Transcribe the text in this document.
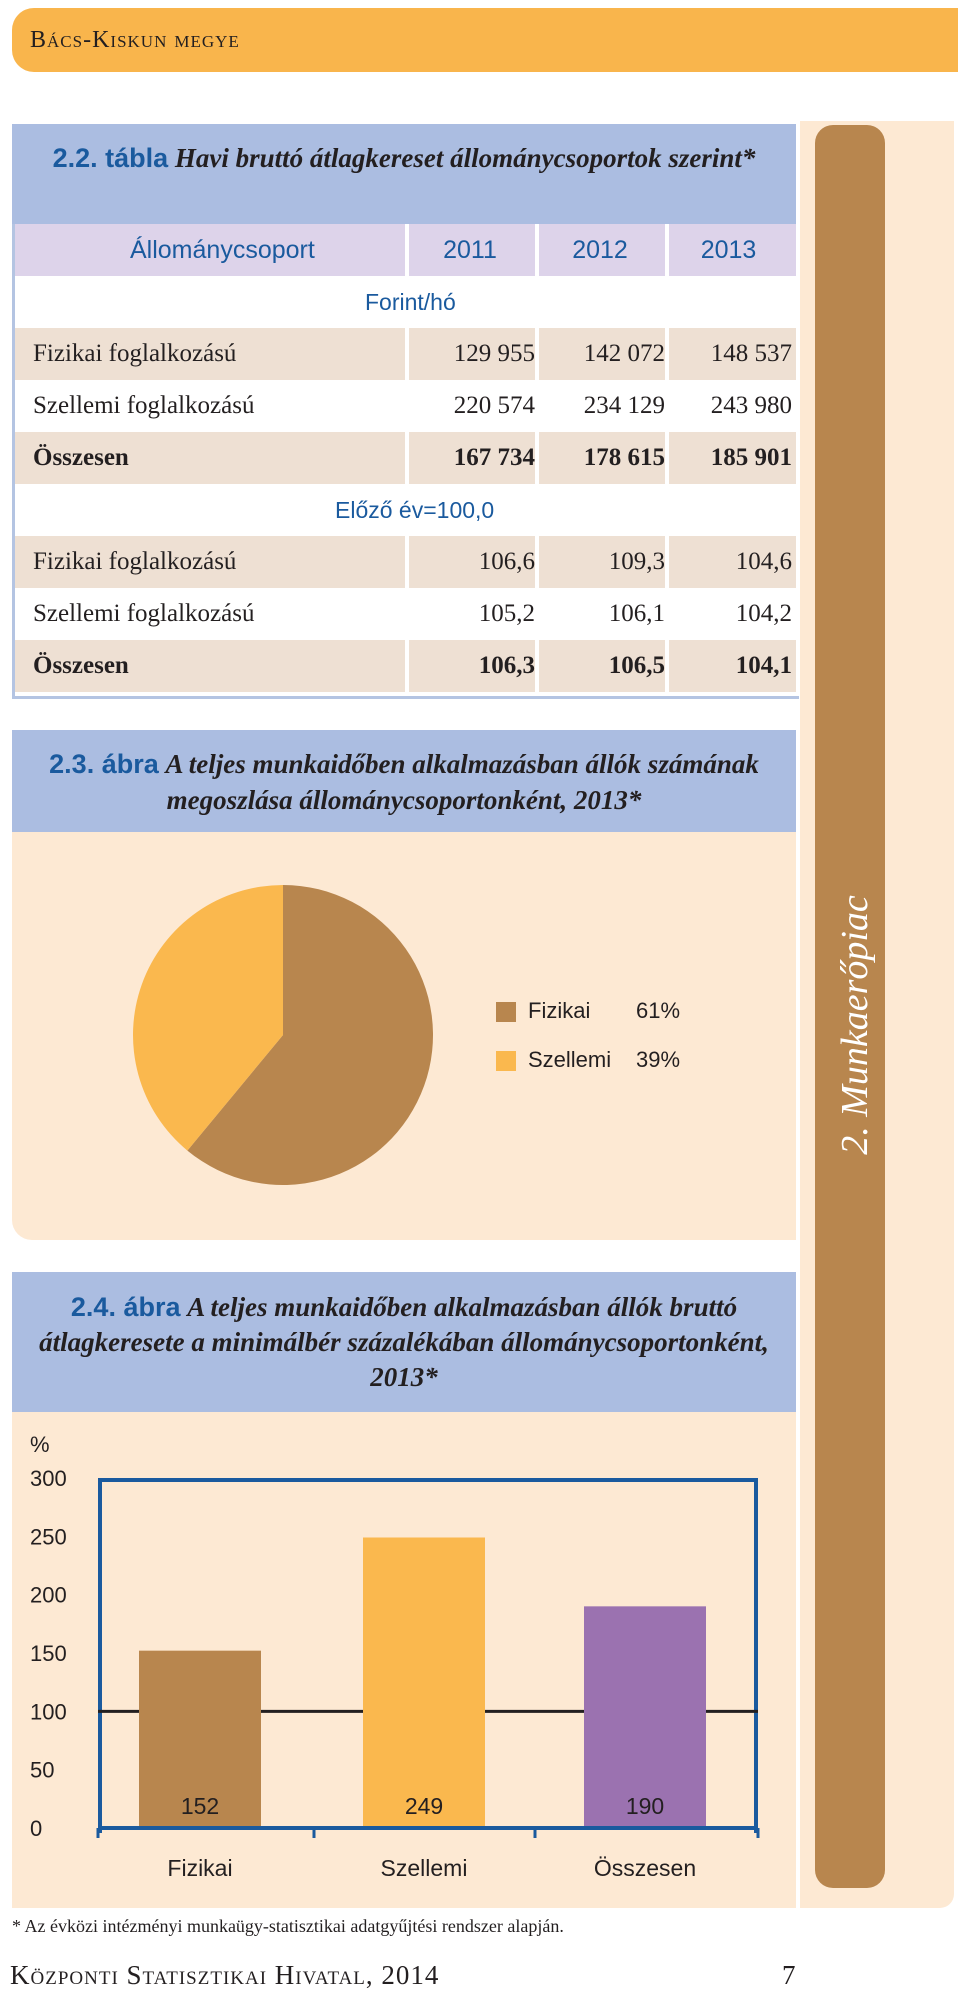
Bács-Kiskun megye
2. Munkaerőpiac
2.2. tábla Havi bruttó átlagkereset állománycsoportok szerint*
Állománycsoport	2011	2012	2013
Forint/hó
Fizikai foglalkozású	129 955	142 072	148 537
Szellemi foglalkozású	220 574	234 129	243 980
Összesen	167 734	178 615	185 901
Előző év=100,0
Fizikai foglalkozású	106,6	109,3	104,6
Szellemi foglalkozású	105,2	106,1	104,2
Összesen	106,3	106,5	104,1
2.3. ábra A teljes munkaidőben alkalmazásban állók számának megoszlása állománycsoportonként, 2013*
Fizikai 61%
Szellemi 39%
2.4. ábra A teljes munkaidőben alkalmazásban állók bruttó átlagkeresete a minimálbér százalékában állománycsoportonként, 2013*
%
0
50
100
150
200
250
300
152
Fizikai
249
Szellemi
190
Összesen
* Az évközi intézményi munkaügy-statisztikai adatgyűjtési rendszer alapján.
Központi Statisztikai Hivatal, 2014	7
